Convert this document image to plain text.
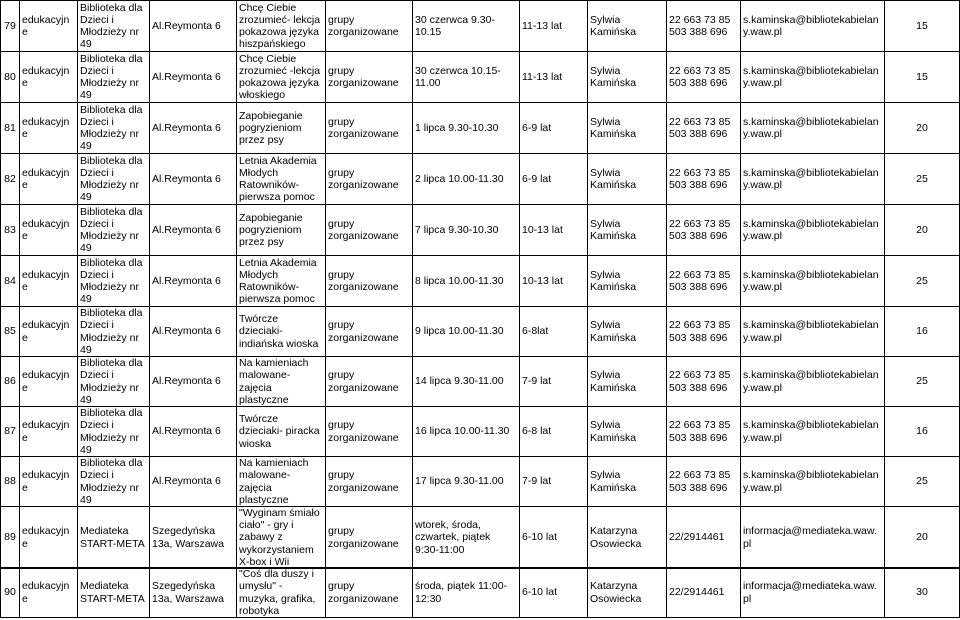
79	edukacyjne	Biblioteka dla Dzieci i Młodzieży nr 49	Al.Reymonta 6	Chcę Ciebie zrozumieć- lekcja pokazowa języka hiszpańskiego	grupy zorganizowane	30 czerwca 9.30-10.15	11-13 lat	Sylwia Kamińska	22 663 73 85 503 388 696	s.kaminska@bibliotekabielany.waw.pl	15
80	edukacyjne	Biblioteka dla Dzieci i Młodzieży nr 49	Al.Reymonta 6	Chcę Ciebie zrozumieć -lekcja pokazowa języka włoskiego	grupy zorganizowane	30 czerwca 10.15-11.00	11-13 lat	Sylwia Kamińska	22 663 73 85 503 388 696	s.kaminska@bibliotekabielany.waw.pl	15
81	edukacyjne	Biblioteka dla Dzieci i Młodzieży nr 49	Al.Reymonta 6	Zapobieganie pogryzieniom przez psy	grupy zorganizowane	1 lipca 9.30-10.30	6-9 lat	Sylwia Kamińska	22 663 73 85 503 388 696	s.kaminska@bibliotekabielany.waw.pl	20
82	edukacyjne	Biblioteka dla Dzieci i Młodzieży nr 49	Al.Reymonta 6	Letnia Akademia Młodych Ratowników- pierwsza pomoc	grupy zorganizowane	2 lipca 10.00-11.30	6-9 lat	Sylwia Kamińska	22 663 73 85 503 388 696	s.kaminska@bibliotekabielany.waw.pl	25
83	edukacyjne	Biblioteka dla Dzieci i Młodzieży nr 49	Al.Reymonta 6	Zapobieganie pogryzieniom przez psy	grupy zorganizowane	7 lipca 9.30-10.30	10-13 lat	Sylwia Kamińska	22 663 73 85 503 388 696	s.kaminska@bibliotekabielany.waw.pl	20
84	edukacyjne	Biblioteka dla Dzieci i Młodzieży nr 49	Al.Reymonta 6	Letnia Akademia Młodych Ratowników- pierwsza pomoc	grupy zorganizowane	8 lipca 10.00-11.30	10-13 lat	Sylwia Kamińska	22 663 73 85 503 388 696	s.kaminska@bibliotekabielany.waw.pl	25
85	edukacyjne	Biblioteka dla Dzieci i Młodzieży nr 49	Al.Reymonta 6	Twórcze dzieciaki- indiańska wioska	grupy zorganizowane	9 lipca 10.00-11.30	6-8lat	Sylwia Kamińska	22 663 73 85 503 388 696	s.kaminska@bibliotekabielany.waw.pl	16
86	edukacyjne	Biblioteka dla Dzieci i Młodzieży nr 49	Al.Reymonta 6	Na kamieniach malowane-zajęcia plastyczne	grupy zorganizowane	14 lipca 9.30-11.00	7-9 lat	Sylwia Kamińska	22 663 73 85 503 388 696	s.kaminska@bibliotekabielany.waw.pl	25
87	edukacyjne	Biblioteka dla Dzieci i Młodzieży nr 49	Al.Reymonta 6	Twórcze dzieciaki- piracka wioska	grupy zorganizowane	16 lipca 10.00-11.30	6-8 lat	Sylwia Kamińska	22 663 73 85 503 388 696	s.kaminska@bibliotekabielany.waw.pl	16
88	edukacyjne	Biblioteka dla Dzieci i Młodzieży nr 49	Al.Reymonta 6	Na kamieniach malowane-zajęcia plastyczne	grupy zorganizowane	17 lipca 9.30-11.00	7-9 lat	Sylwia Kamińska	22 663 73 85 503 388 696	s.kaminska@bibliotekabielany.waw.pl	25
89	edukacyjne	Mediateka START-META	Szegedyńska 13a, Warszawa	"Wyginam śmiało ciało" - gry i zabawy z wykorzystaniem X-box i Wii	grupy zorganizowane	wtorek, środa, czwartek, piątek 9:30-11:00	6-10 lat	Katarzyna Osowiecka	22/2914461	informacja@mediateka.waw.pl	20
90	edukacyjne	Mediateka START-META	Szegedyńska 13a, Warszawa	"Coś dla duszy i umysłu" - muzyka, grafika, robotyka	grupy zorganizowane	środa, piątek 11:00-12:30	6-10 lat	Katarzyna Osowiecka	22/2914461	informacja@mediateka.waw.pl	30
